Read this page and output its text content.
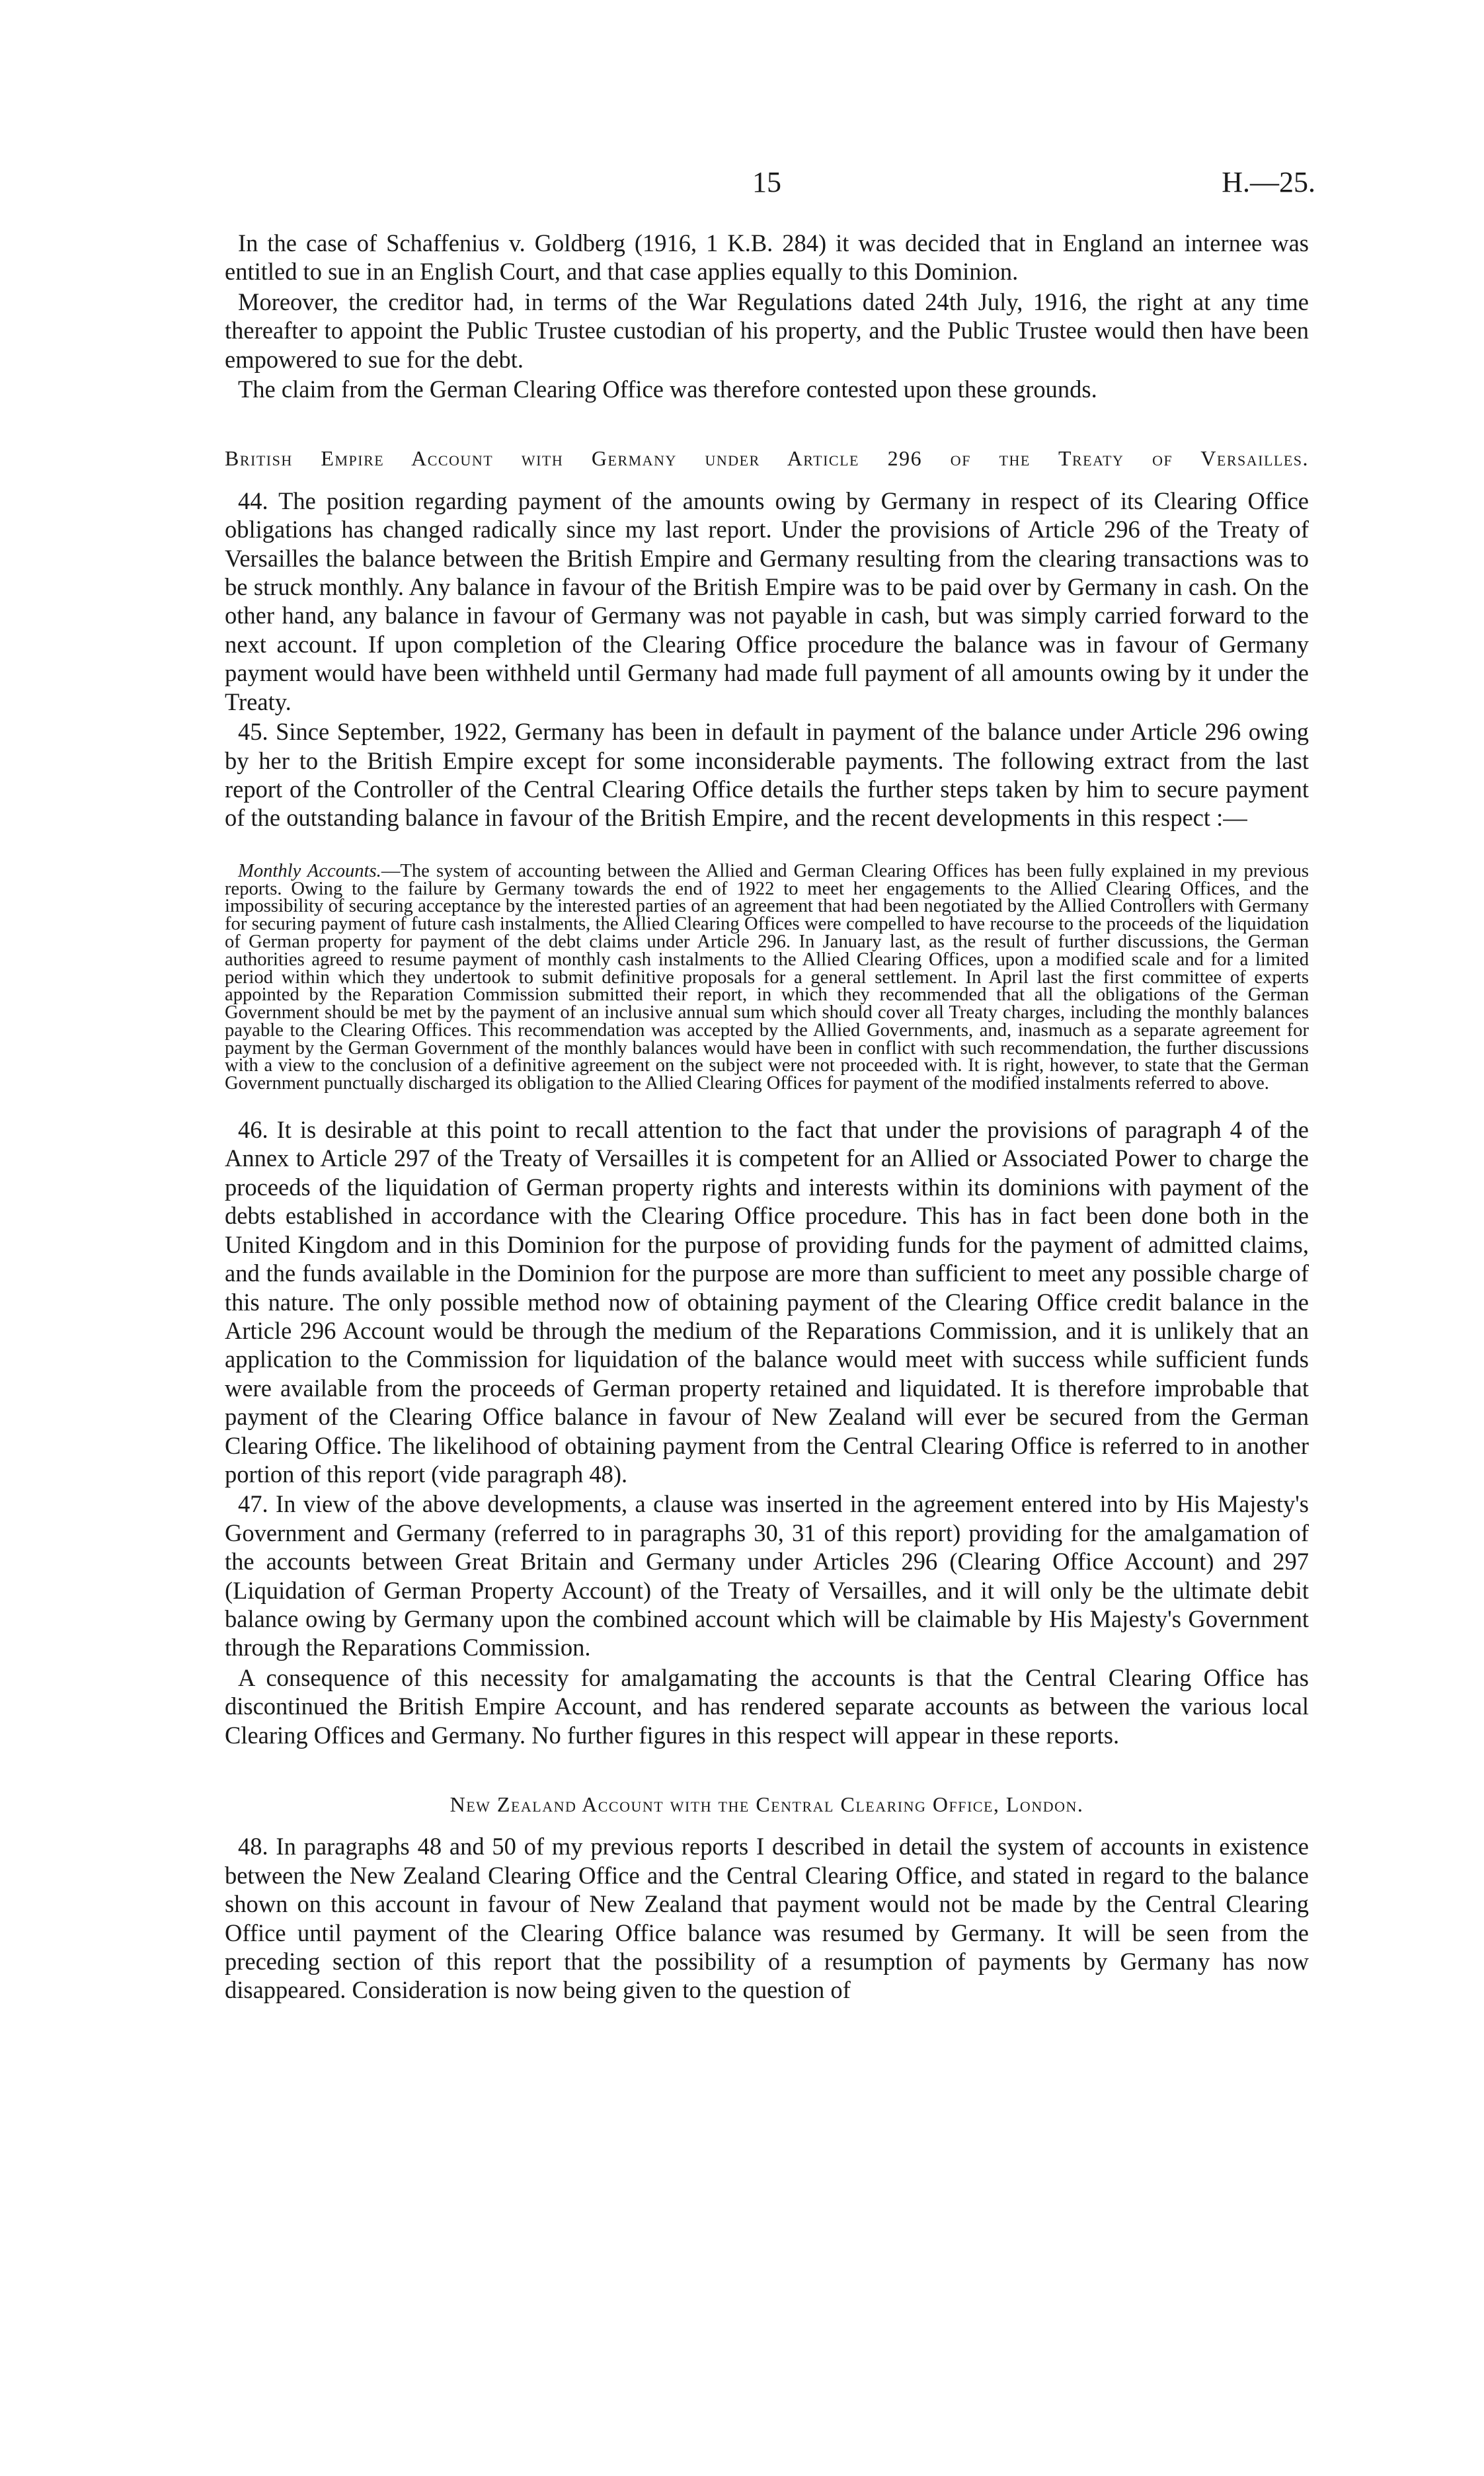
15	H.—25.

In the case of Schaffenius v. Goldberg (1916, 1 K.B. 284) it was decided that in England an internee was entitled to sue in an English Court, and that case applies equally to this Dominion.

Moreover, the creditor had, in terms of the War Regulations dated 24th July, 1916, the right at any time thereafter to appoint the Public Trustee custodian of his property, and the Public Trustee would then have been empowered to sue for the debt.

The claim from the German Clearing Office was therefore contested upon these grounds.

British Empire Account with Germany under Article 296 of the Treaty of Versailles.

44. The position regarding payment of the amounts owing by Germany in respect of its Clearing Office obligations has changed radically since my last report. Under the provisions of Article 296 of the Treaty of Versailles the balance between the British Empire and Germany resulting from the clearing transactions was to be struck monthly. Any balance in favour of the British Empire was to be paid over by Germany in cash. On the other hand, any balance in favour of Germany was not payable in cash, but was simply carried forward to the next account. If upon completion of the Clearing Office procedure the balance was in favour of Germany payment would have been withheld until Germany had made full payment of all amounts owing by it under the Treaty.

45. Since September, 1922, Germany has been in default in payment of the balance under Article 296 owing by her to the British Empire except for some inconsiderable payments. The following extract from the last report of the Controller of the Central Clearing Office details the further steps taken by him to secure payment of the outstanding balance in favour of the British Empire, and the recent developments in this respect :—

Monthly Accounts.—The system of accounting between the Allied and German Clearing Offices has been fully explained in my previous reports. Owing to the failure by Germany towards the end of 1922 to meet her engagements to the Allied Clearing Offices, and the impossibility of securing acceptance by the interested parties of an agreement that had been negotiated by the Allied Controllers with Germany for securing payment of future cash instalments, the Allied Clearing Offices were compelled to have recourse to the proceeds of the liquidation of German property for payment of the debt claims under Article 296. In January last, as the result of further discussions, the German authorities agreed to resume payment of monthly cash instalments to the Allied Clearing Offices, upon a modified scale and for a limited period within which they undertook to submit definitive proposals for a general settlement. In April last the first committee of experts appointed by the Reparation Commission submitted their report, in which they recommended that all the obligations of the German Government should be met by the payment of an inclusive annual sum which should cover all Treaty charges, including the monthly balances payable to the Clearing Offices. This recommendation was accepted by the Allied Governments, and, inasmuch as a separate agreement for payment by the German Government of the monthly balances would have been in conflict with such recommendation, the further discussions with a view to the conclusion of a definitive agreement on the subject were not proceeded with. It is right, however, to state that the German Government punctually discharged its obligation to the Allied Clearing Offices for payment of the modified instalments referred to above.

46. It is desirable at this point to recall attention to the fact that under the provisions of paragraph 4 of the Annex to Article 297 of the Treaty of Versailles it is competent for an Allied or Associated Power to charge the proceeds of the liquidation of German property rights and interests within its dominions with payment of the debts established in accordance with the Clearing Office procedure. This has in fact been done both in the United Kingdom and in this Dominion for the purpose of providing funds for the payment of admitted claims, and the funds available in the Dominion for the purpose are more than sufficient to meet any possible charge of this nature. The only possible method now of obtaining payment of the Clearing Office credit balance in the Article 296 Account would be through the medium of the Reparations Commission, and it is unlikely that an application to the Commission for liquidation of the balance would meet with success while sufficient funds were available from the proceeds of German property retained and liquidated. It is therefore improbable that payment of the Clearing Office balance in favour of New Zealand will ever be secured from the German Clearing Office. The likelihood of obtaining payment from the Central Clearing Office is referred to in another portion of this report (vide paragraph 48).

47. In view of the above developments, a clause was inserted in the agreement entered into by His Majesty's Government and Germany (referred to in paragraphs 30, 31 of this report) providing for the amalgamation of the accounts between Great Britain and Germany under Articles 296 (Clearing Office Account) and 297 (Liquidation of German Property Account) of the Treaty of Versailles, and it will only be the ultimate debit balance owing by Germany upon the combined account which will be claimable by His Majesty's Government through the Reparations Commission.

A consequence of this necessity for amalgamating the accounts is that the Central Clearing Office has discontinued the British Empire Account, and has rendered separate accounts as between the various local Clearing Offices and Germany. No further figures in this respect will appear in these reports.

New Zealand Account with the Central Clearing Office, London.

48. In paragraphs 48 and 50 of my previous reports I described in detail the system of accounts in existence between the New Zealand Clearing Office and the Central Clearing Office, and stated in regard to the balance shown on this account in favour of New Zealand that payment would not be made by the Central Clearing Office until payment of the Clearing Office balance was resumed by Germany. It will be seen from the preceding section of this report that the possibility of a resumption of payments by Germany has now disappeared. Consideration is now being given to the question of
